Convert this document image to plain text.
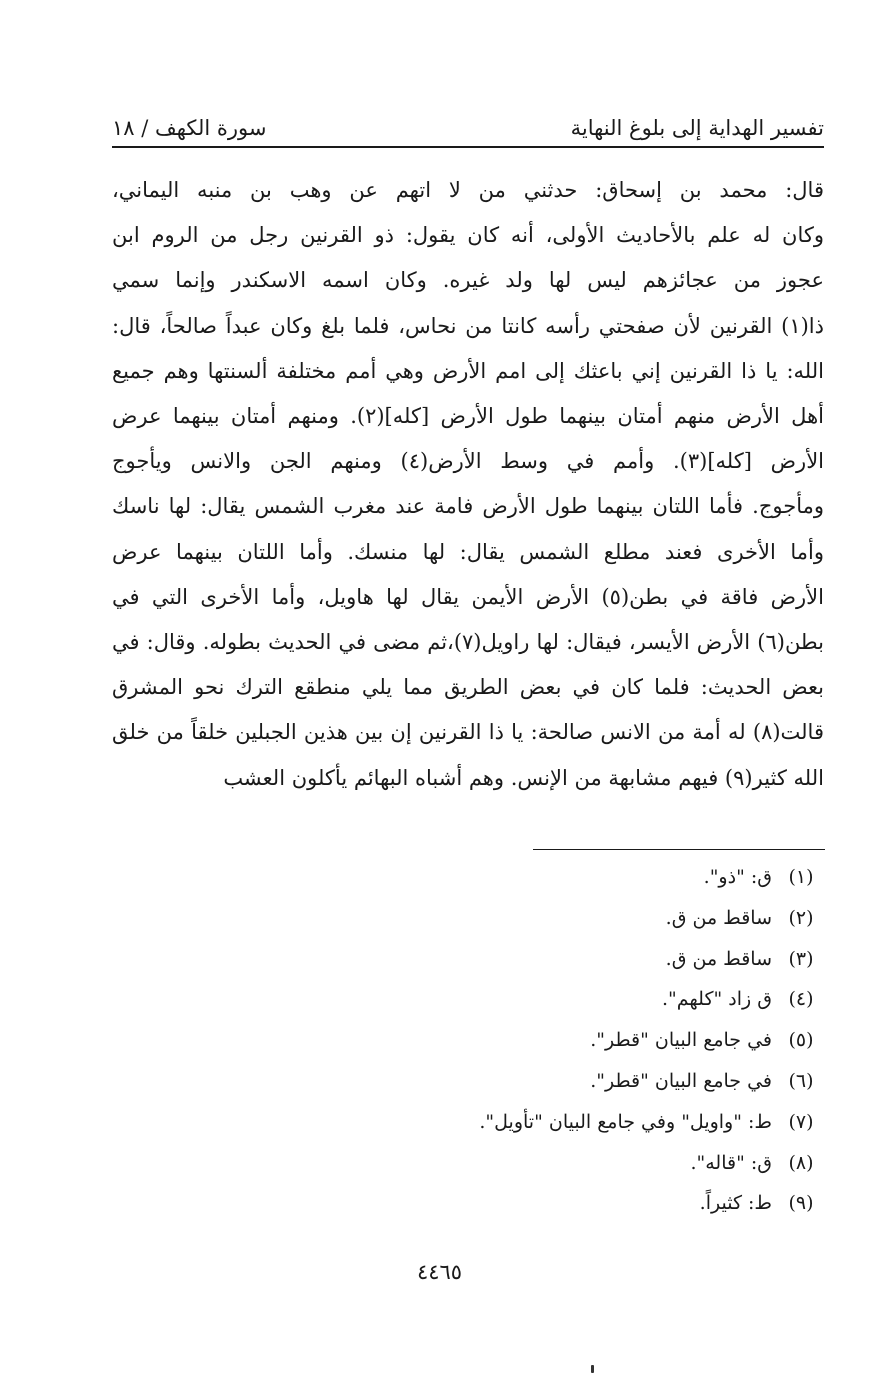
تفسير الهداية إلى بلوغ النهاية
سورة الكهف / ١٨
قال: محمد بن إسحاق: حدثني من لا اتهم عن وهب بن منبه اليماني،
وكان له علم بالأحاديث الأولى، أنه كان يقول: ذو القرنين رجل من الروم ابن
عجوز من عجائزهم ليس لها ولد غيره. وكان اسمه الاسكندر وإنما سمي
ذا(١) القرنين لأن صفحتي رأسه كانتا من نحاس، فلما بلغ وكان عبداً صالحاً، قال:
الله: يا ذا القرنين إني باعثك إلى امم الأرض وهي أمم مختلفة ألسنتها وهم جميع
أهل الأرض منهم أمتان بينهما طول الأرض [كله](٢). ومنهم أمتان بينهما عرض
الأرض [كله](٣). وأمم في وسط الأرض(٤) ومنهم الجن والانس ويأجوج
ومأجوج. فأما اللتان بينهما طول الأرض فامة عند مغرب الشمس يقال: لها ناسك
وأما الأخرى فعند مطلع الشمس يقال: لها منسك. وأما اللتان بينهما عرض
الأرض فاقة في بطن(٥) الأرض الأيمن يقال لها هاويل، وأما الأخرى التي في
بطن(٦) الأرض الأيسر، فيقال: لها راويل(٧)،ثم مضى في الحديث بطوله. وقال: في
بعض الحديث: فلما كان في بعض الطريق مما يلي منطقع الترك نحو المشرق
قالت(٨) له أمة من الانس صالحة: يا ذا القرنين إن بين هذين الجبلين خلقاً من خلق
الله كثير(٩) فيهم مشابهة من الإنس. وهم أشباه البهائم يأكلون العشب
(١)
ق: "ذو".
(٢)
ساقط من ق.
(٣)
ساقط من ق.
(٤)
ق زاد "كلهم".
(٥)
في جامع البيان "قطر".
(٦)
في جامع البيان "قطر".
(٧)
ط: "واويل" وفي جامع البيان "تأويل".
(٨)
ق: "قاله".
(٩)
ط: كثيراً.
٤٤٦٥
